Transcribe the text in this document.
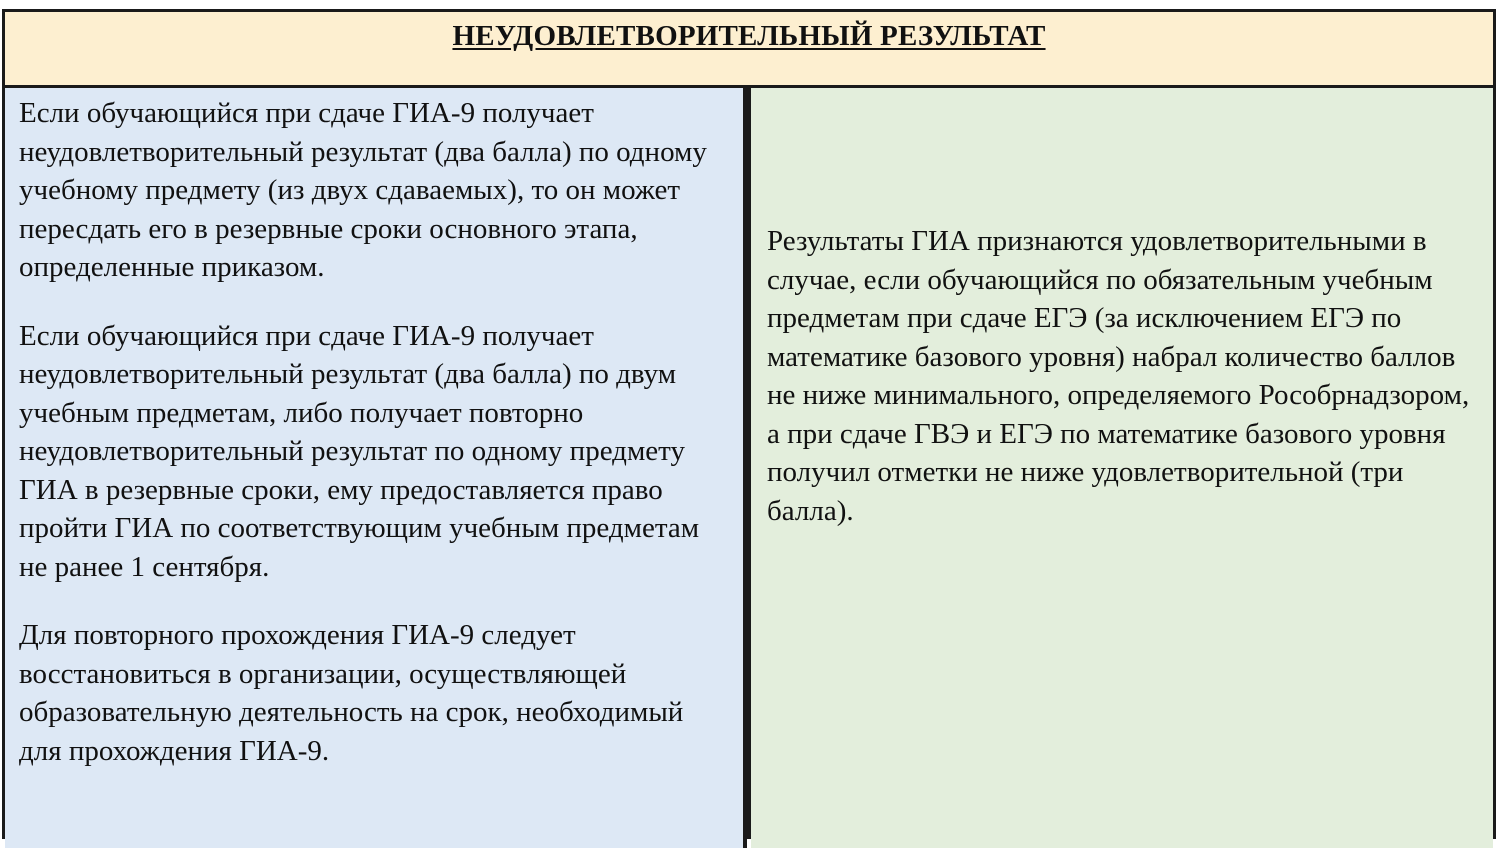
НЕУДОВЛЕТВОРИТЕЛЬНЫЙ РЕЗУЛЬТАТ

Если обучающийся при сдаче ГИА-9 получает неудовлетворительный результат (два балла) по одному учебному предмету (из двух сдаваемых), то он может пересдать его в резервные сроки основного этапа, определенные приказом.

Если обучающийся при сдаче ГИА-9 получает неудовлетворительный результат (два балла) по двум учебным предметам, либо получает повторно неудовлетворительный результат по одному предмету ГИА в резервные сроки, ему предоставляется право пройти ГИА по соответствующим учебным предметам не ранее 1 сентября.

Для повторного прохождения ГИА-9 следует восстановиться в организации, осуществляющей образовательную деятельность на срок, необходимый для прохождения ГИА-9.

Результаты ГИА признаются удовлетворительными в случае, если обучающийся по обязательным учебным предметам при сдаче ЕГЭ (за исключением ЕГЭ по математике базового уровня) набрал количество баллов не ниже минимального, определяемого Рособрнадзором, а при сдаче ГВЭ и ЕГЭ по математике базового уровня получил отметки не ниже удовлетворительной (три балла).
